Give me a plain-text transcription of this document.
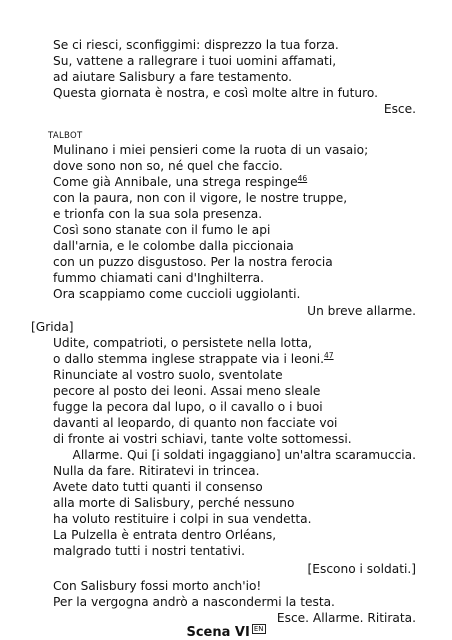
Se ci riesci, sconfiggimi: disprezzo la tua forza.
Su, vattene a rallegrare i tuoi uomini affamati,
ad aiutare Salisbury a fare testamento.
Questa giornata è nostra, e così molte altre in futuro.
Esce.
TALBOT
Mulinano i miei pensieri come la ruota di un vasaio;
dove sono non so, né quel che faccio.
Come già Annibale, una strega respinge$^{46}$
con la paura, non con il vigore, le nostre truppe,
e trionfa con la sua sola presenza.
Così sono stanate con il fumo le api
dall'arnia, e le colombe dalla piccionaia
con un puzzo disgustoso. Per la nostra ferocia
fummo chiamati cani d'Inghilterra.
Ora scappiamo come cuccioli uggiolanti.
Un breve allarme.
[Grida]
Udite, compatrioti, o persistete nella lotta,
o dallo stemma inglese strappate via i leoni.$^{47}$
Rinunciate al vostro suolo, sventolate
pecore al posto dei leoni. Assai meno sleale
fugge la pecora dal lupo, o il cavallo o i buoi
davanti al leopardo, di quanto non facciate voi
di fronte ai vostri schiavi, tante volte sottomessi.
Allarme. Qui [i soldati ingaggiano] un'altra scaramuccia.
Nulla da fare. Ritiratevi in trincea.
Avete dato tutti quanti il consenso
alla morte di Salisbury, perché nessuno
ha voluto restituire i colpi in sua vendetta.
La Pulzella è entrata dentro Orléans,
malgrado tutti i nostri tentativi.
[Escono i soldati.]
Con Salisbury fossi morto anch'io!
Per la vergogna andrò a nascondermi la testa.
Esce. Allarme. Ritirata.
Scena VI EN
